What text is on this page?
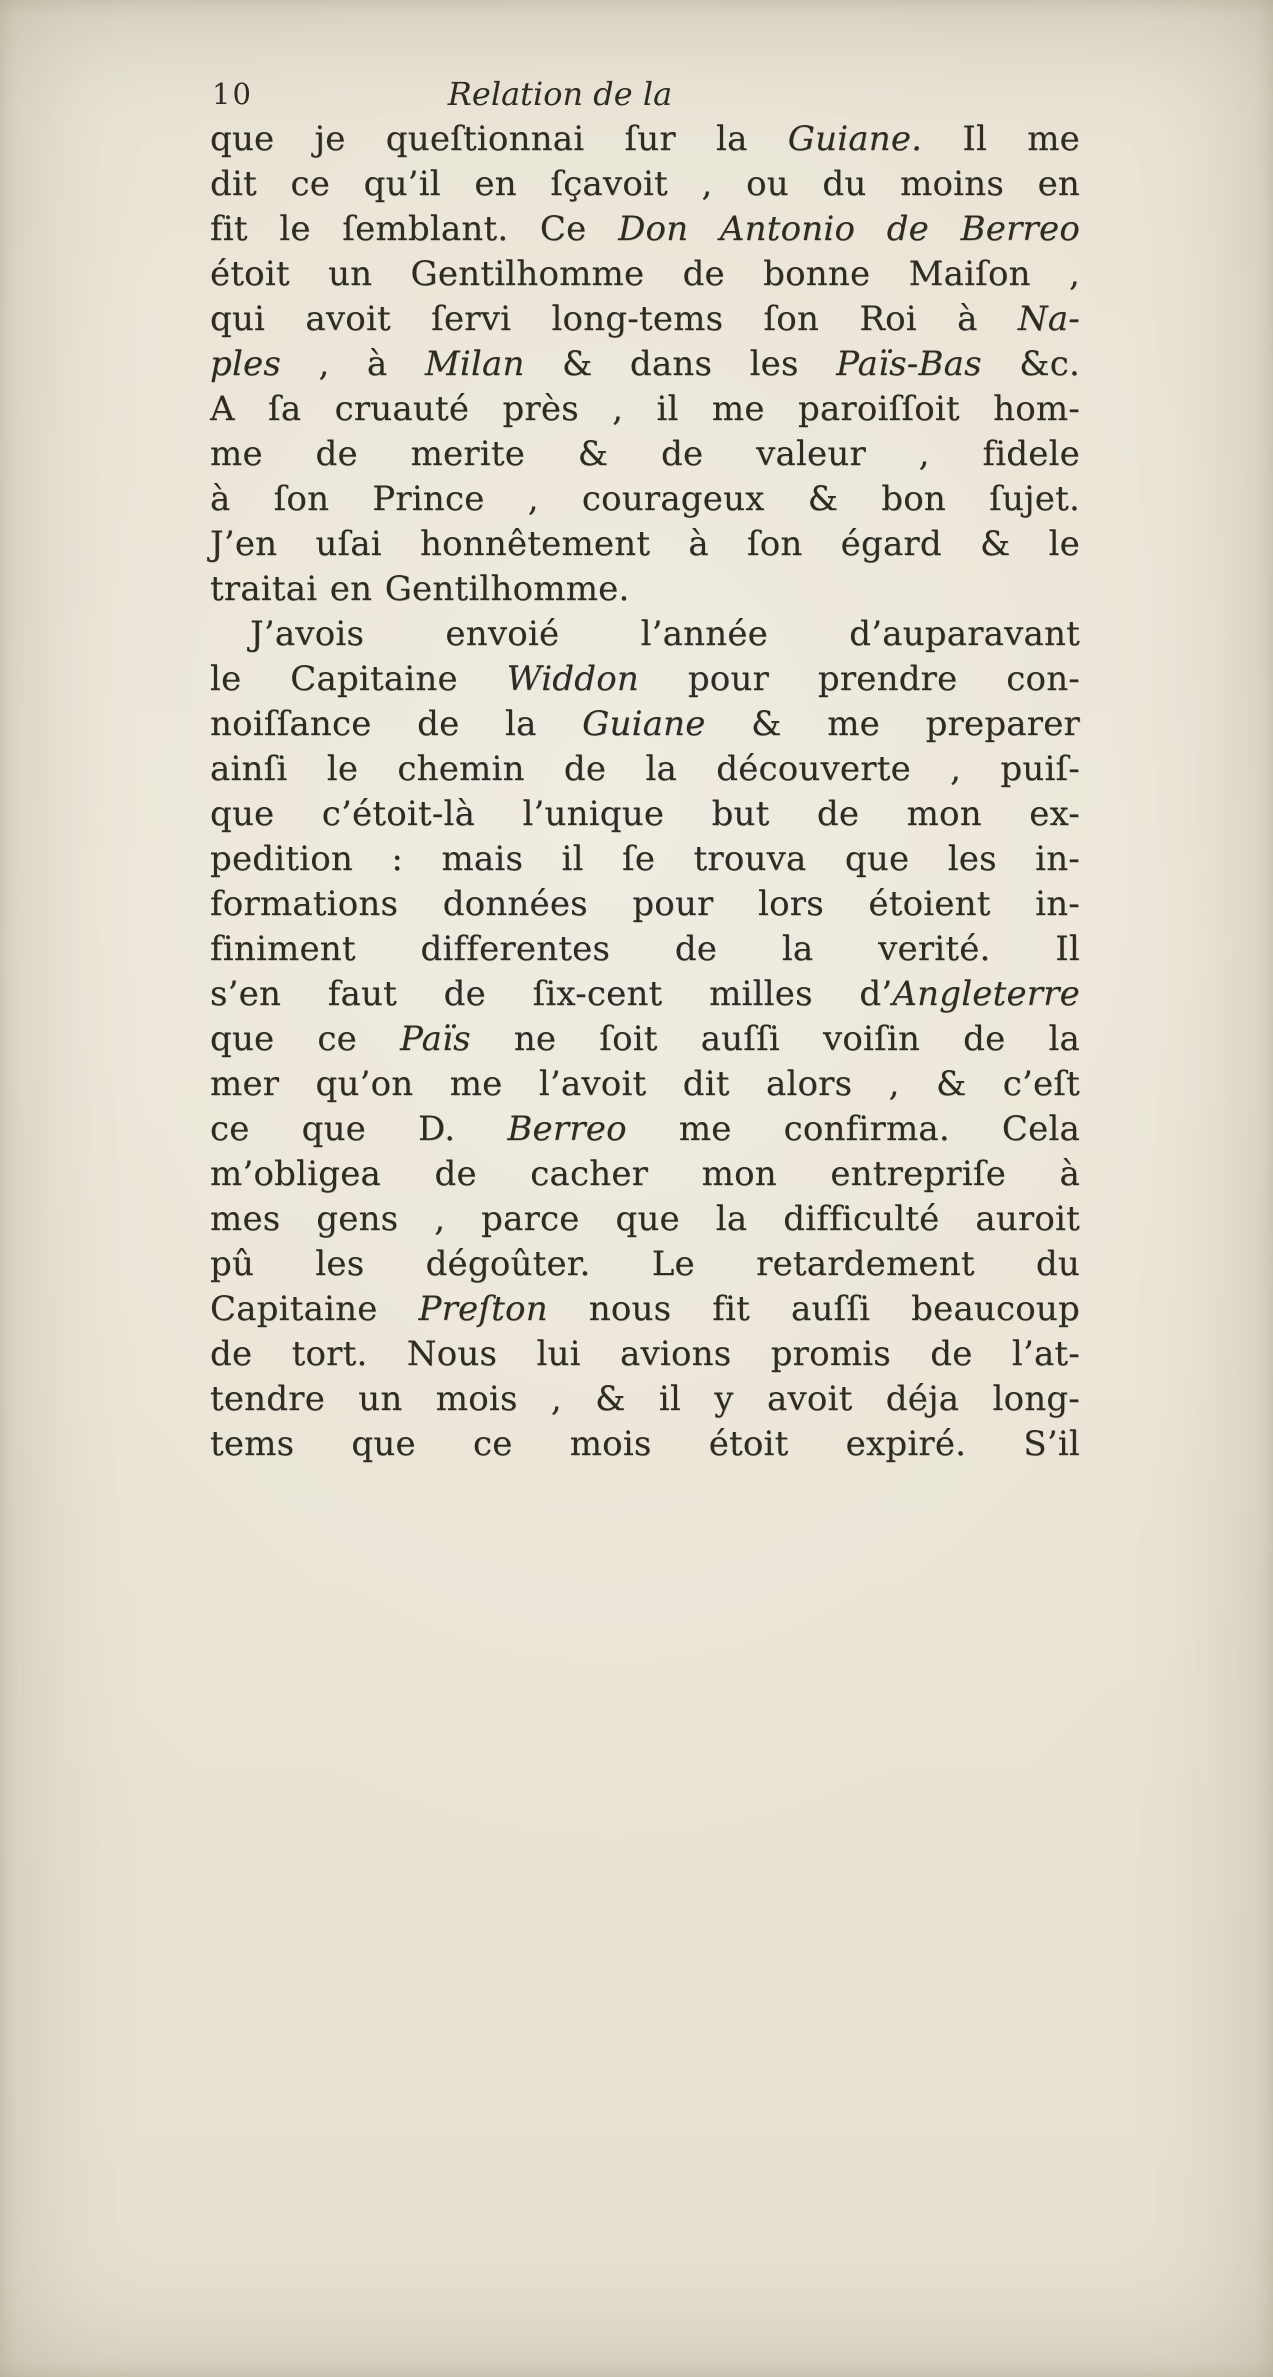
10	Relation de la
que je queſtionnai ſur la Guiane. Il me
dit ce qu’il en ſçavoit , ou du moins en
fit le ſemblant. Ce Don Antonio de Berreo
étoit un Gentilhomme de bonne Maiſon ,
qui avoit ſervi long-tems ſon Roi à Na-
ples , à Milan & dans les Païs-Bas &c.
A ſa cruauté près , il me paroiſſoit hom-
me de merite & de valeur , fidele
à ſon Prince , courageux & bon ſujet.
J’en uſai honnêtement à ſon égard & le
traitai en Gentilhomme.
J’avois envoié l’année d’auparavant
le Capitaine Widdon pour prendre con-
noiſſance de la Guiane & me preparer
ainſi le chemin de la découverte , puiſ-
que c’étoit-là l’unique but de mon ex-
pedition : mais il ſe trouva que les in-
formations données pour lors étoient in-
finiment differentes de la verité. Il
s’en faut de ſix-cent milles d’Angleterre
que ce Païs ne ſoit auſſi voiſin de la
mer qu’on me l’avoit dit alors , & c’eſt
ce que D. Berreo me confirma. Cela
m’obligea de cacher mon entrepriſe à
mes gens , parce que la difficulté auroit
pû les dégoûter. Le retardement du
Capitaine Preſton nous fit auſſi beaucoup
de tort. Nous lui avions promis de l’at-
tendre un mois , & il y avoit déja long-
tems que ce mois étoit expiré. S’il
